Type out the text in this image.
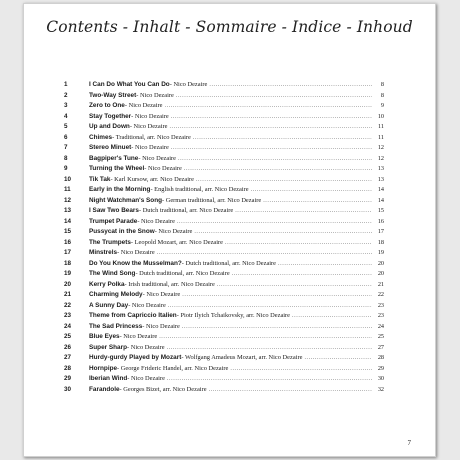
Contents - Inhalt - Sommaire - Indice - Inhoud
1	I Can Do What You Can Do - Nico Dezaire .....	8
2	Two-Way Street - Nico Dezaire .....	8
3	Zero to One - Nico Dezaire .....	9
4	Stay Together - Nico Dezaire .....	10
5	Up and Down - Nico Dezaire .....	11
6	Chimes - Traditional, arr. Nico Dezaire .....	11
7	Stereo Minuet - Nico Dezaire .....	12
8	Bagpiper's Tune - Nico Dezaire .....	12
9	Turning the Wheel - Nico Dezaire .....	13
10	Tik Tak - Karl Kursow, arr. Nico Dezaire .....	13
11	Early in the Morning - English traditional, arr. Nico Dezaire .....	14
12	Night Watchman's Song - German traditional, arr. Nico Dezaire .....	14
13	I Saw Two Bears - Dutch traditional, arr. Nico Dezaire .....	15
14	Trumpet Parade - Nico Dezaire .....	16
15	Pussycat in the Snow - Nico Dezaire .....	17
16	The Trumpets - Leopold Mozart, arr. Nico Dezaire .....	18
17	Minstrels - Nico Dezaire .....	19
18	Do You Know the Musselman? - Dutch traditional, arr. Nico Dezaire .....	20
19	The Wind Song - Dutch traditional, arr. Nico Dezaire .....	20
20	Kerry Polka - Irish traditional, arr. Nico Dezaire .....	21
21	Charming Melody - Nico Dezaire .....	22
22	A Sunny Day - Nico Dezaire .....	23
23	Theme from Capriccio Italien - Piotr Ilyich Tchaikovsky, arr. Nico Dezaire .....	23
24	The Sad Princess - Nico Dezaire .....	24
25	Blue Eyes - Nico Dezaire .....	25
26	Super Sharp - Nico Dezaire .....	27
27	Hurdy-gurdy Played by Mozart - Wolfgang Amadeus Mozart, arr. Nico Dezaire .....	28
28	Hornpipe - George Frideric Handel, arr. Nico Dezaire .....	29
29	Iberian Wind - Nico Dezaire .....	30
30	Farandole - Georges Bizet, arr. Nico Dezaire .....	32
7
